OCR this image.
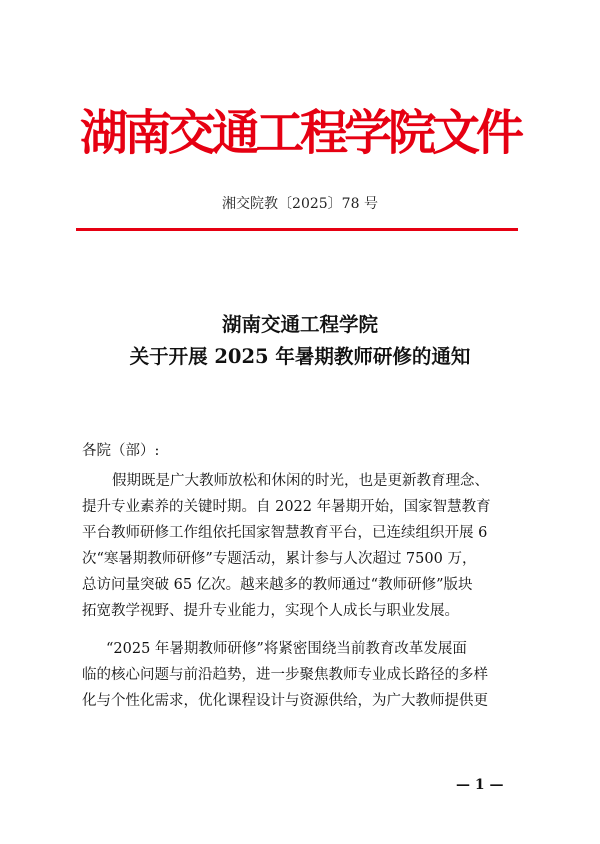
湖南交通工程学院文件
湘交院教〔2025〕78 号
湖南交通工程学院
关于开展 2025 年暑期教师研修的通知
各院（部）:
假期既是广大教师放松和休闲的时光，也是更新教育理念、
提升专业素养的关键时期。自 2022 年暑期开始，国家智慧教育
平台教师研修工作组依托国家智慧教育平台，已连续组织开展 6
次“寒暑期教师研修”专题活动，累计参与人次超过 7500 万，
总访问量突破 65 亿次。越来越多的教师通过“教师研修”版块
拓宽教学视野、提升专业能力，实现个人成长与职业发展。
“2025 年暑期教师研修”将紧密围绕当前教育改革发展面
临的核心问题与前沿趋势，进一步聚焦教师专业成长路径的多样
化与个性化需求，优化课程设计与资源供给，为广大教师提供更
— 1 —
